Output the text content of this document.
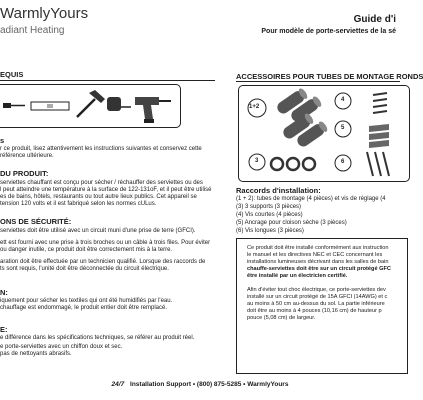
WarmlyYours
adiant Heating
Guide d'i
Pour modèle de porte-serviettes de la sé
EQUIS
s
r ce produit, lisez attentivement les instructions suivantes et conservez cette
référence ultérieure.
DU PRODUIT:
serviettes chauffant est conçu pour sécher / réchauffer des serviettes ou des
l peut atteindre une température à la surface de 122-131oF, et il peut être utilisé
es de bains, hôtels, restaurants ou tout autre lieux publics. Cet appareil se
tension 120 volts et il est fabriqué selon les normes cULus.
ONS DE SÉCURITÉ:
serviettes doit être utilisé avec un circuit muni d'une prise de terre (GFCI).
ett est fourni avec une prise à trois broches ou un câble à trois files. Pour éviter
ou danger inutile, ce produit doit être correctement mis à la terre.
aration doit être effectuée par un technicien qualifié. Lorsque des raccords de
ts sont requis, l'unité doit être déconnectée du circuit électrique.
N:
iquement pour sécher les textiles qui ont été humidifiés par l'eau.
chauffage est endommagé, le produit entier doit être remplacé.
E:
e différence dans les spécifications techniques, se référer au produit réel.
e porte-serviettes avec un chiffon doux et sec.
pas de nettoyants abrasifs.
ACCESSOIRES POUR TUBES DE MONTAGE RONDS
1+2
4
5
3	6
Raccords d'installation:
(1 + 2): tubes de montage (4 pièces) et vis de réglage (4
(3) 3 supports (3 pièces)
(4) Vis courtes (4 pièces)
(5) Ancrage pour cloison sèche (3 pièces)
(6) Vis longues (3 pièces)
Ce produit doit être installé conformément aux instruction
le manuel et les directives NEC et CEC concernant les
installations lumineuses décrivant dans les salles de bain
chauffe-serviettes doit être sur un circuit protégé GFC
être installé par un électricien certifié.
Afin d'éviter tout choc électrique, ce porte-serviettes dev
installé sur un circuit protégé de 15A GFCI (14AWG) et c
au moins à 50 cm au-dessus du sol. La partie inférieure
doit être au moins à 4 pouces (10,16 cm) de hauteur p
pouce (5,08 cm) de largeur.
24/7 Installation Support • (800) 875-5285 • WarmlyYours
